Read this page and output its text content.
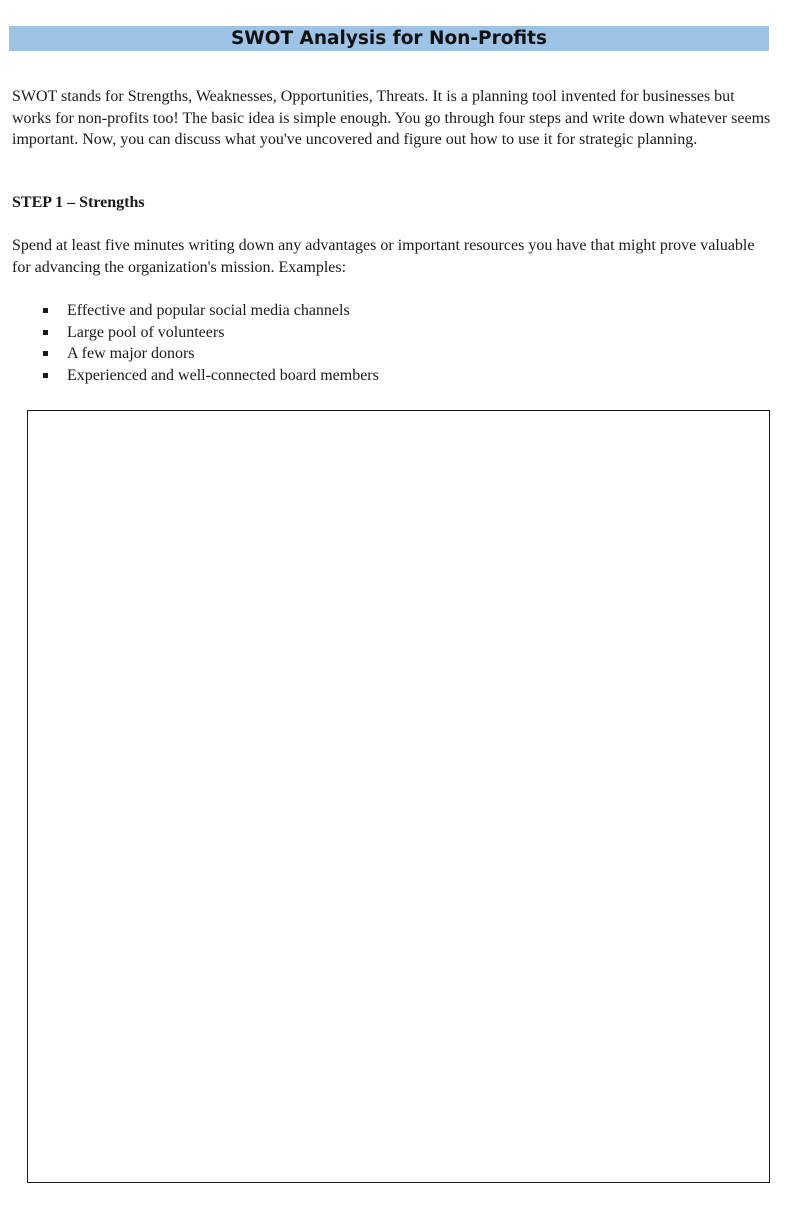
SWOT Analysis for Non-Profits

SWOT stands for Strengths, Weaknesses, Opportunities, Threats. It is a planning tool invented for businesses but works for non-profits too! The basic idea is simple enough. You go through four steps and write down whatever seems important. Now, you can discuss what you've uncovered and figure out how to use it for strategic planning.

STEP 1 – Strengths

Spend at least five minutes writing down any advantages or important resources you have that might prove valuable for advancing the organization's mission. Examples:

Effective and popular social media channels
Large pool of volunteers
A few major donors
Experienced and well-connected board members
